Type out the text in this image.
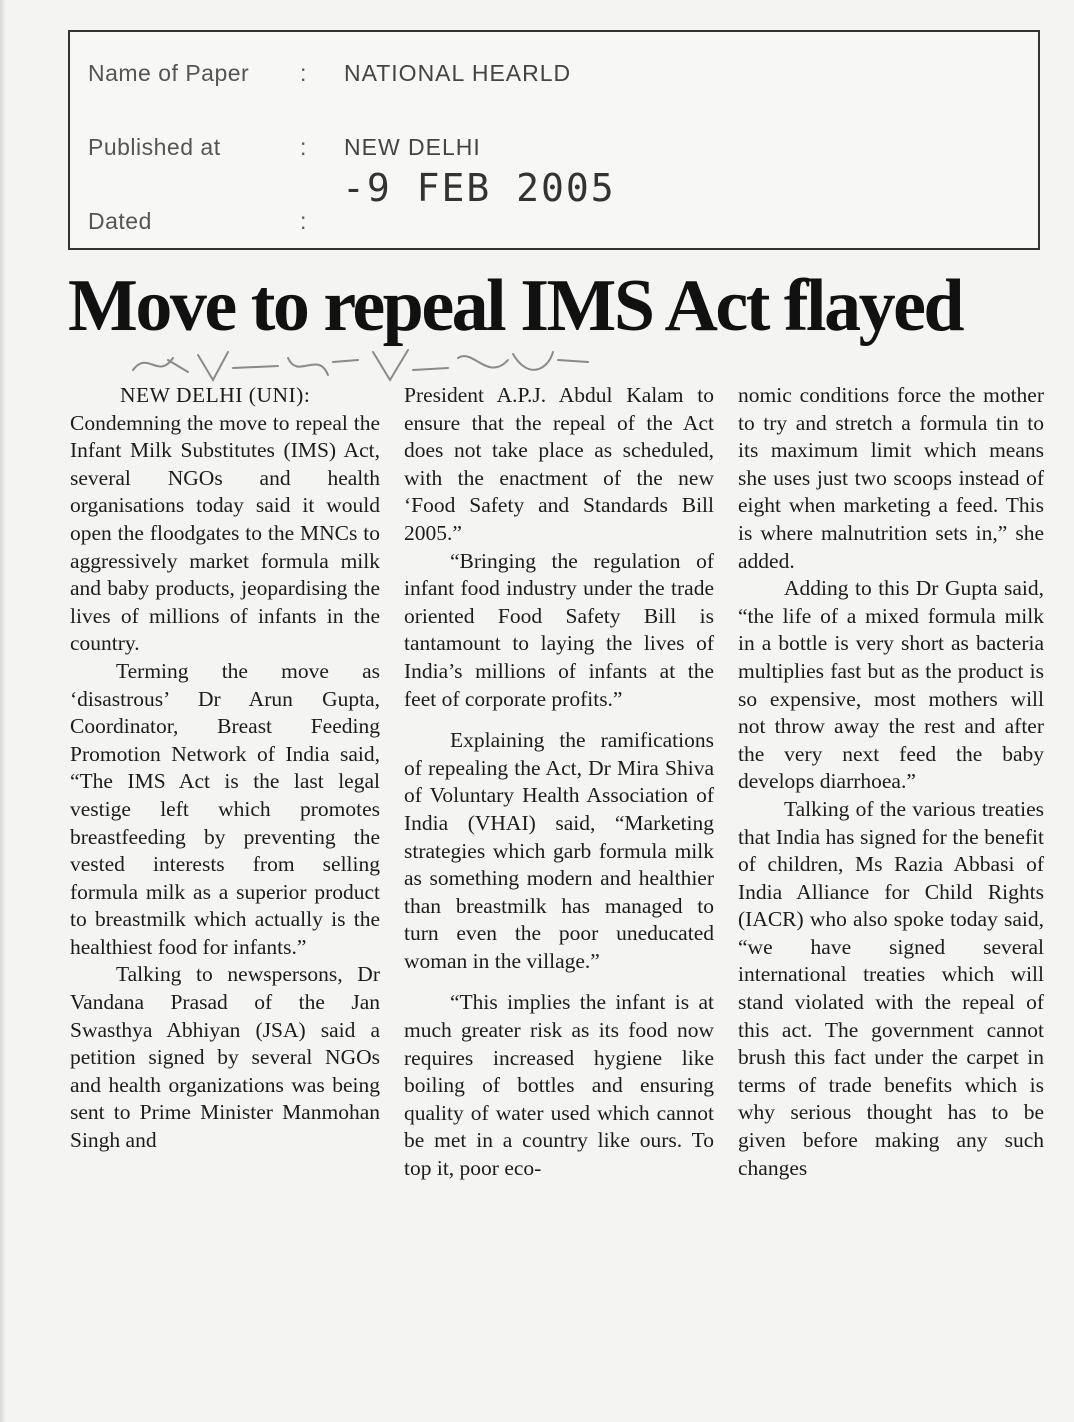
Name of Paper : NATIONAL HEARLD
Published at	: NEW DELHI
-9 FEB 2005
Dated	:
Move to repeal IMS Act flayed

NEW DELHI (UNI):

Condemning the move to repeal the Infant Milk Substitutes (IMS) Act, several NGOs and health organisations today said it would open the floodgates to the MNCs to aggressively market formula milk and baby products, jeopardising the lives of millions of infants in the country.

Terming the move as ‘disastrous’ Dr Arun Gupta, Coordinator, Breast Feeding Promotion Network of India said, “The IMS Act is the last legal vestige left which promotes breastfeeding by preventing the vested interests from selling formula milk as a superior product to breastmilk which actually is the healthiest food for infants.”

Talking to newspersons, Dr Vandana Prasad of the Jan Swasthya Abhiyan (JSA) said a petition signed by several NGOs and health organizations was being sent to Prime Minister Manmohan Singh and

President A.P.J. Abdul Kalam to ensure that the repeal of the Act does not take place as scheduled, with the enactment of the new ‘Food Safety and Standards Bill 2005.”

“Bringing the regulation of infant food industry under the trade oriented Food Safety Bill is tantamount to laying the lives of India’s millions of infants at the feet of corporate profits.”

Explaining the ramifications of repealing the Act, Dr Mira Shiva of Voluntary Health Association of India (VHAI) said, “Marketing strategies which garb formula milk as something modern and healthier than breastmilk has managed to turn even the poor uneducated woman in the village.”

“This implies the infant is at much greater risk as its food now requires increased hygiene like boiling of bottles and ensuring quality of water used which cannot be met in a country like ours. To top it, poor eco-

nomic conditions force the mother to try and stretch a formula tin to its maximum limit which means she uses just two scoops instead of eight when marketing a feed. This is where malnutrition sets in,” she added.

Adding to this Dr Gupta said, “the life of a mixed formula milk in a bottle is very short as bacteria multiplies fast but as the product is so expensive, most mothers will not throw away the rest and after the very next feed the baby develops diarrhoea.”

Talking of the various treaties that India has signed for the benefit of children, Ms Razia Abbasi of India Alliance for Child Rights (IACR) who also spoke today said, “we have signed several international treaties which will stand violated with the repeal of this act. The government cannot brush this fact under the carpet in terms of trade benefits which is why serious thought has to be given before making any such changes
